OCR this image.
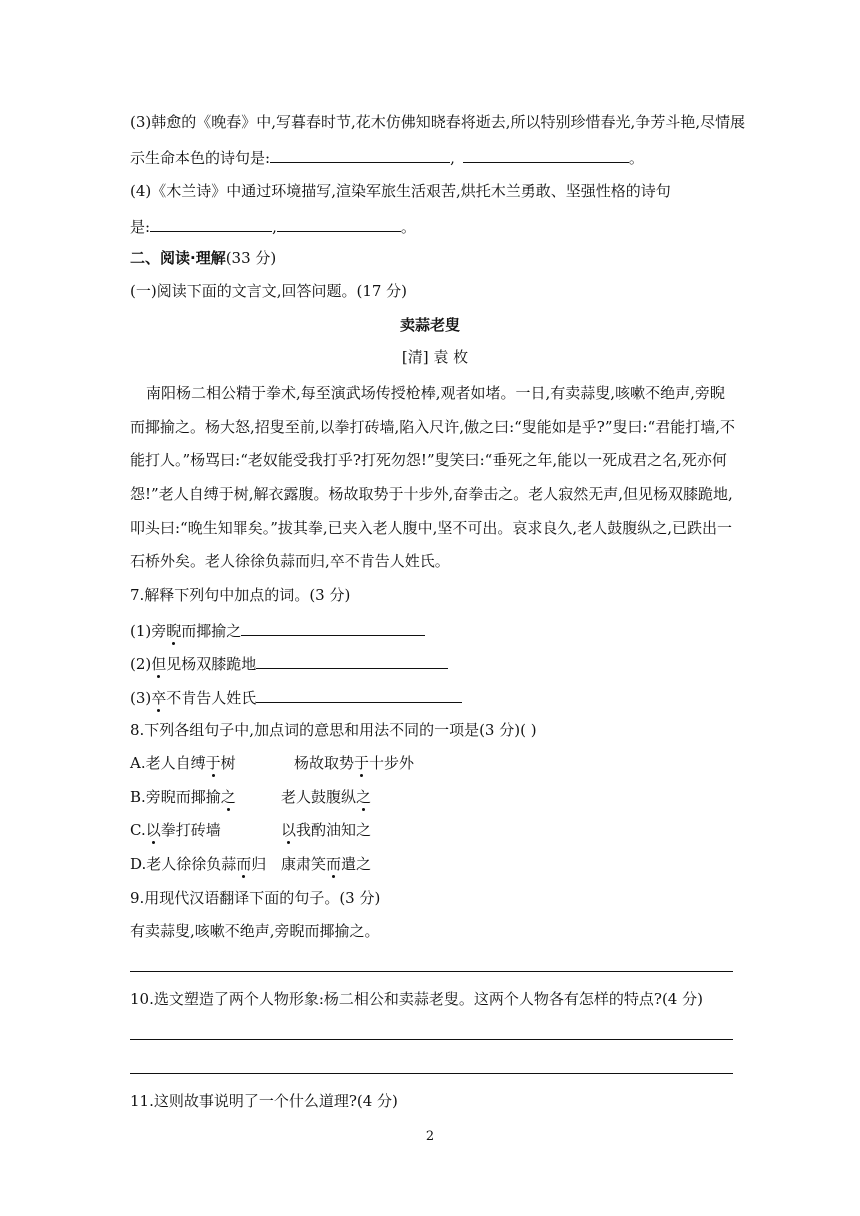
(3)韩愈的《晚春》中,写暮春时节,花木仿佛知晓春将逝去,所以特别珍惜春光,争芳斗艳,尽情展
示生命本色的诗句是:	,	。
(4)《木兰诗》中通过环境描写,渲染军旅生活艰苦,烘托木兰勇敢、坚强性格的诗句
是:	,	。
二、阅读·理解(33 分)
(一)阅读下面的文言文,回答问题。(17 分)
卖蒜老叟
[清] 袁 枚
南阳杨二相公精于拳术,每至演武场传授枪棒,观者如堵。一日,有卖蒜叟,咳嗽不绝声,旁睨
而揶揄之。杨大怒,招叟至前,以拳打砖墙,陷入尺许,傲之曰:“叟能如是乎?”叟曰:“君能打墙,不
能打人。”杨骂曰:“老奴能受我打乎?打死勿怨!”叟笑曰:“垂死之年,能以一死成君之名,死亦何
怨!”老人自缚于树,解衣露腹。杨故取势于十步外,奋拳击之。老人寂然无声,但见杨双膝跪地,
叩头曰:“晚生知罪矣。”拔其拳,已夹入老人腹中,坚不可出。哀求良久,老人鼓腹纵之,已跌出一
石桥外矣。老人徐徐负蒜而归,卒不肯告人姓氏。
7.解释下列句中加点的词。(3 分)
(1)旁睨而揶揄之
(2)但见杨双膝跪地
(3)卒不肯告人姓氏
8.下列各组句子中,加点词的意思和用法不同的一项是(3 分)( )
A.老人自缚于树	杨故取势于十步外
B.旁睨而揶揄之	老人鼓腹纵之
C.以拳打砖墙	以我酌油知之
D.老人徐徐负蒜而归 康肃笑而遣之
9.用现代汉语翻译下面的句子。(3 分)
有卖蒜叟,咳嗽不绝声,旁睨而揶揄之。
10.选文塑造了两个人物形象:杨二相公和卖蒜老叟。这两个人物各有怎样的特点?(4 分)
11.这则故事说明了一个什么道理?(4 分)
2
